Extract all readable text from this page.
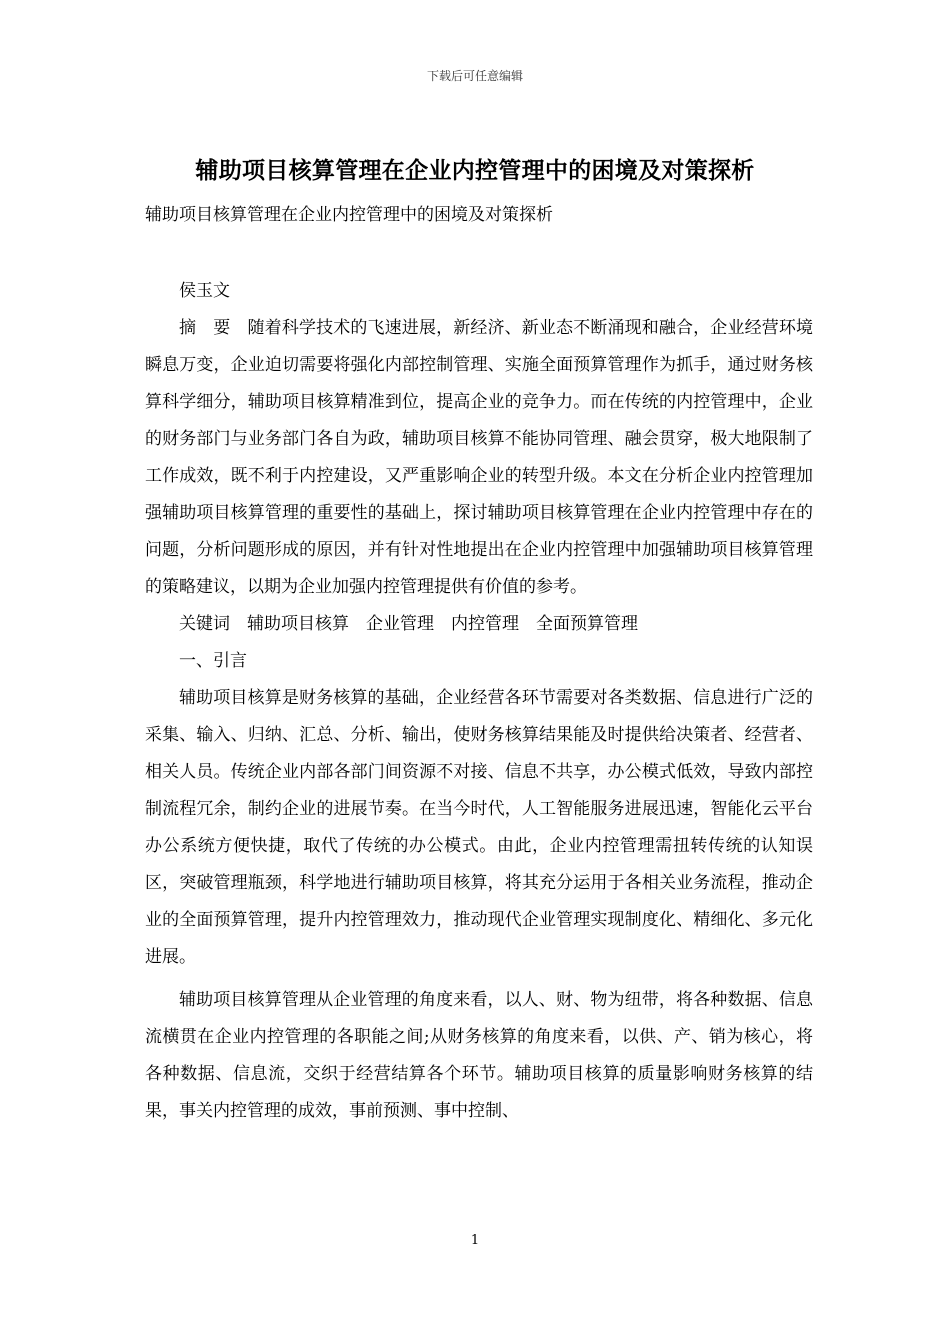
下载后可任意编辑
辅助项目核算管理在企业内控管理中的困境及对策探析
辅助项目核算管理在企业内控管理中的困境及对策探析

侯玉文

摘　要　随着科学技术的飞速进展，新经济、新业态不断涌现和融合，企业经营环境瞬息万变，企业迫切需要将强化内部控制管理、实施全面预算管理作为抓手，通过财务核算科学细分，辅助项目核算精准到位，提高企业的竞争力。而在传统的内控管理中，企业的财务部门与业务部门各自为政，辅助项目核算不能协同管理、融会贯穿，极大地限制了工作成效，既不利于内控建设，又严重影响企业的转型升级。本文在分析企业内控管理加强辅助项目核算管理的重要性的基础上，探讨辅助项目核算管理在企业内控管理中存在的问题，分析问题形成的原因，并有针对性地提出在企业内控管理中加强辅助项目核算管理的策略建议，以期为企业加强内控管理提供有价值的参考。

关键词　辅助项目核算　企业管理　内控管理　全面预算管理

一、引言

辅助项目核算是财务核算的基础，企业经营各环节需要对各类数据、信息进行广泛的采集、输入、归纳、汇总、分析、输出，使财务核算结果能及时提供给决策者、经营者、相关人员。传统企业内部各部门间资源不对接、信息不共享，办公模式低效，导致内部控制流程冗余，制约企业的进展节奏。在当今时代，人工智能服务进展迅速，智能化云平台办公系统方便快捷，取代了传统的办公模式。由此，企业内控管理需扭转传统的认知误区，突破管理瓶颈，科学地进行辅助项目核算，将其充分运用于各相关业务流程，推动企业的全面预算管理，提升内控管理效力，推动现代企业管理实现制度化、精细化、多元化进展。

辅助项目核算管理从企业管理的角度来看，以人、财、物为纽带，将各种数据、信息流横贯在企业内控管理的各职能之间;从财务核算的角度来看，以供、产、销为核心，将各种数据、信息流，交织于经营结算各个环节。辅助项目核算的质量影响财务核算的结果，事关内控管理的成效，事前预测、事中控制、

1
